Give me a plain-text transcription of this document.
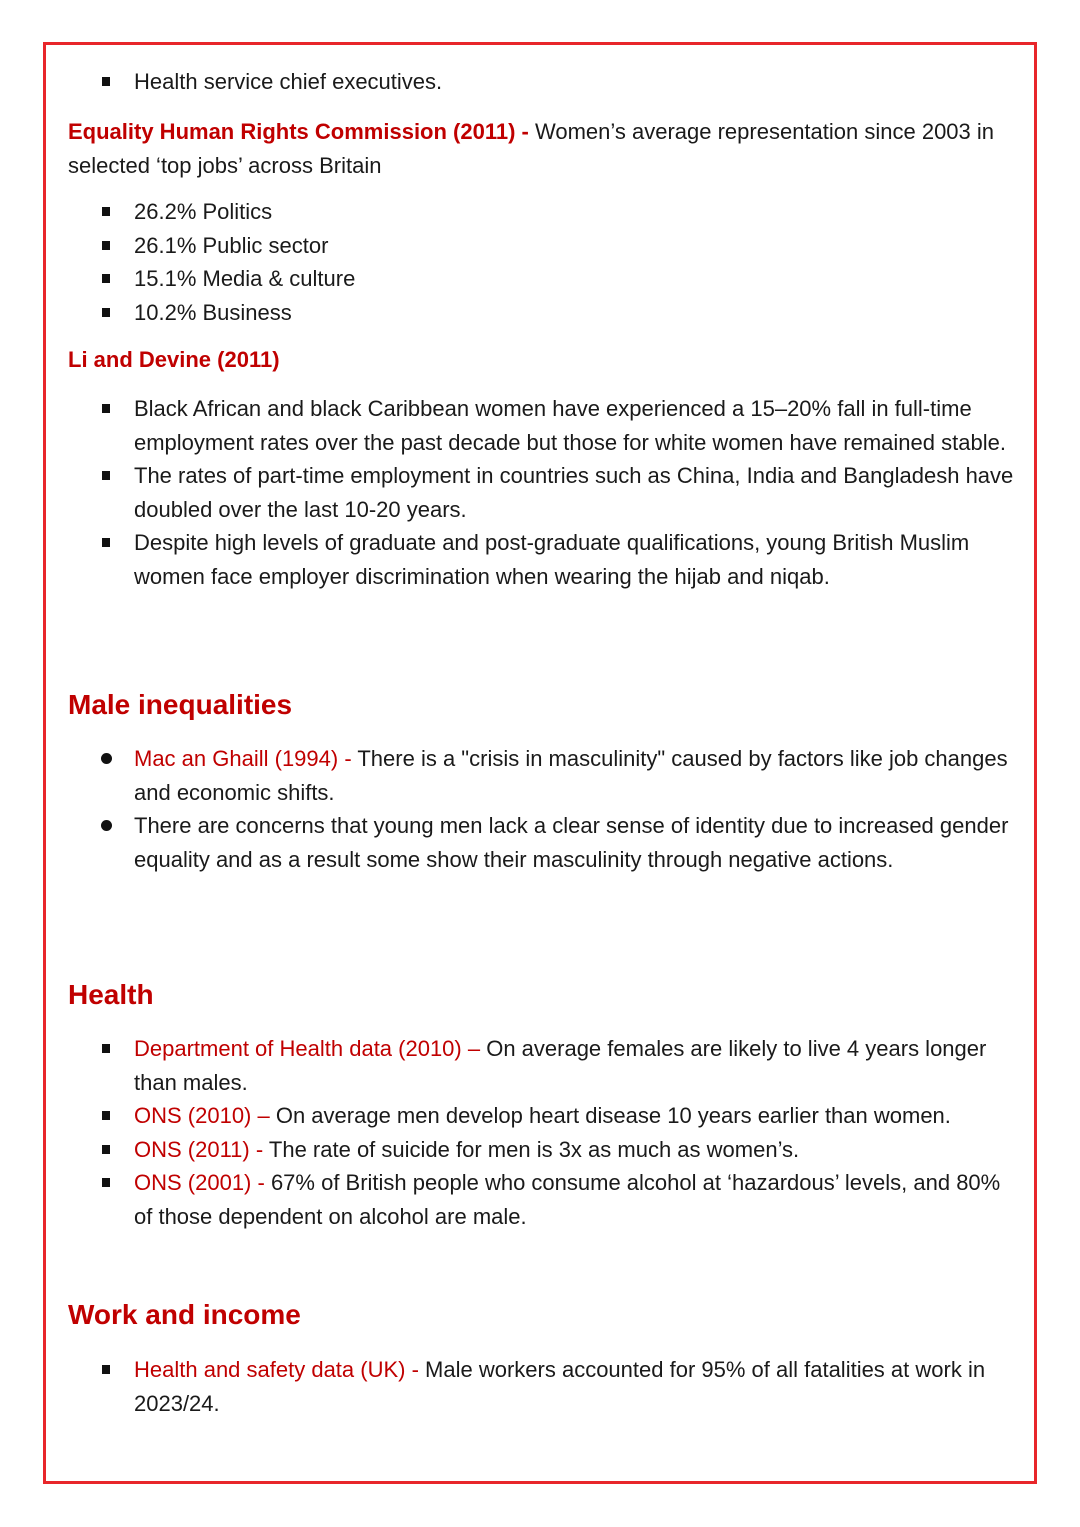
Health service chief executives.

Equality Human Rights Commission (2011) - Women’s average representation since 2003 in selected ‘top jobs’ across Britain

26.2% Politics
26.1% Public sector
15.1% Media & culture
10.2% Business

Li and Devine (2011)

Black African and black Caribbean women have experienced a 15–20% fall in full-time employment rates over the past decade but those for white women have remained stable.
The rates of part-time employment in countries such as China, India and Bangladesh have doubled over the last 10-20 years.
Despite high levels of graduate and post-graduate qualifications, young British Muslim women face employer discrimination when wearing the hijab and niqab.
Male inequalities
Mac an Ghaill (1994) - There is a "crisis in masculinity" caused by factors like job changes and economic shifts.
There are concerns that young men lack a clear sense of identity due to increased gender equality and as a result some show their masculinity through negative actions.
Health
Department of Health data (2010) – On average females are likely to live 4 years longer than males.
ONS (2010) – On average men develop heart disease 10 years earlier than women.
ONS (2011) - The rate of suicide for men is 3x as much as women’s.
ONS (2001) - 67% of British people who consume alcohol at ‘hazardous’ levels, and 80% of those dependent on alcohol are male.
Work and income
Health and safety data (UK) - Male workers accounted for 95% of all fatalities at work in 2023/24.
